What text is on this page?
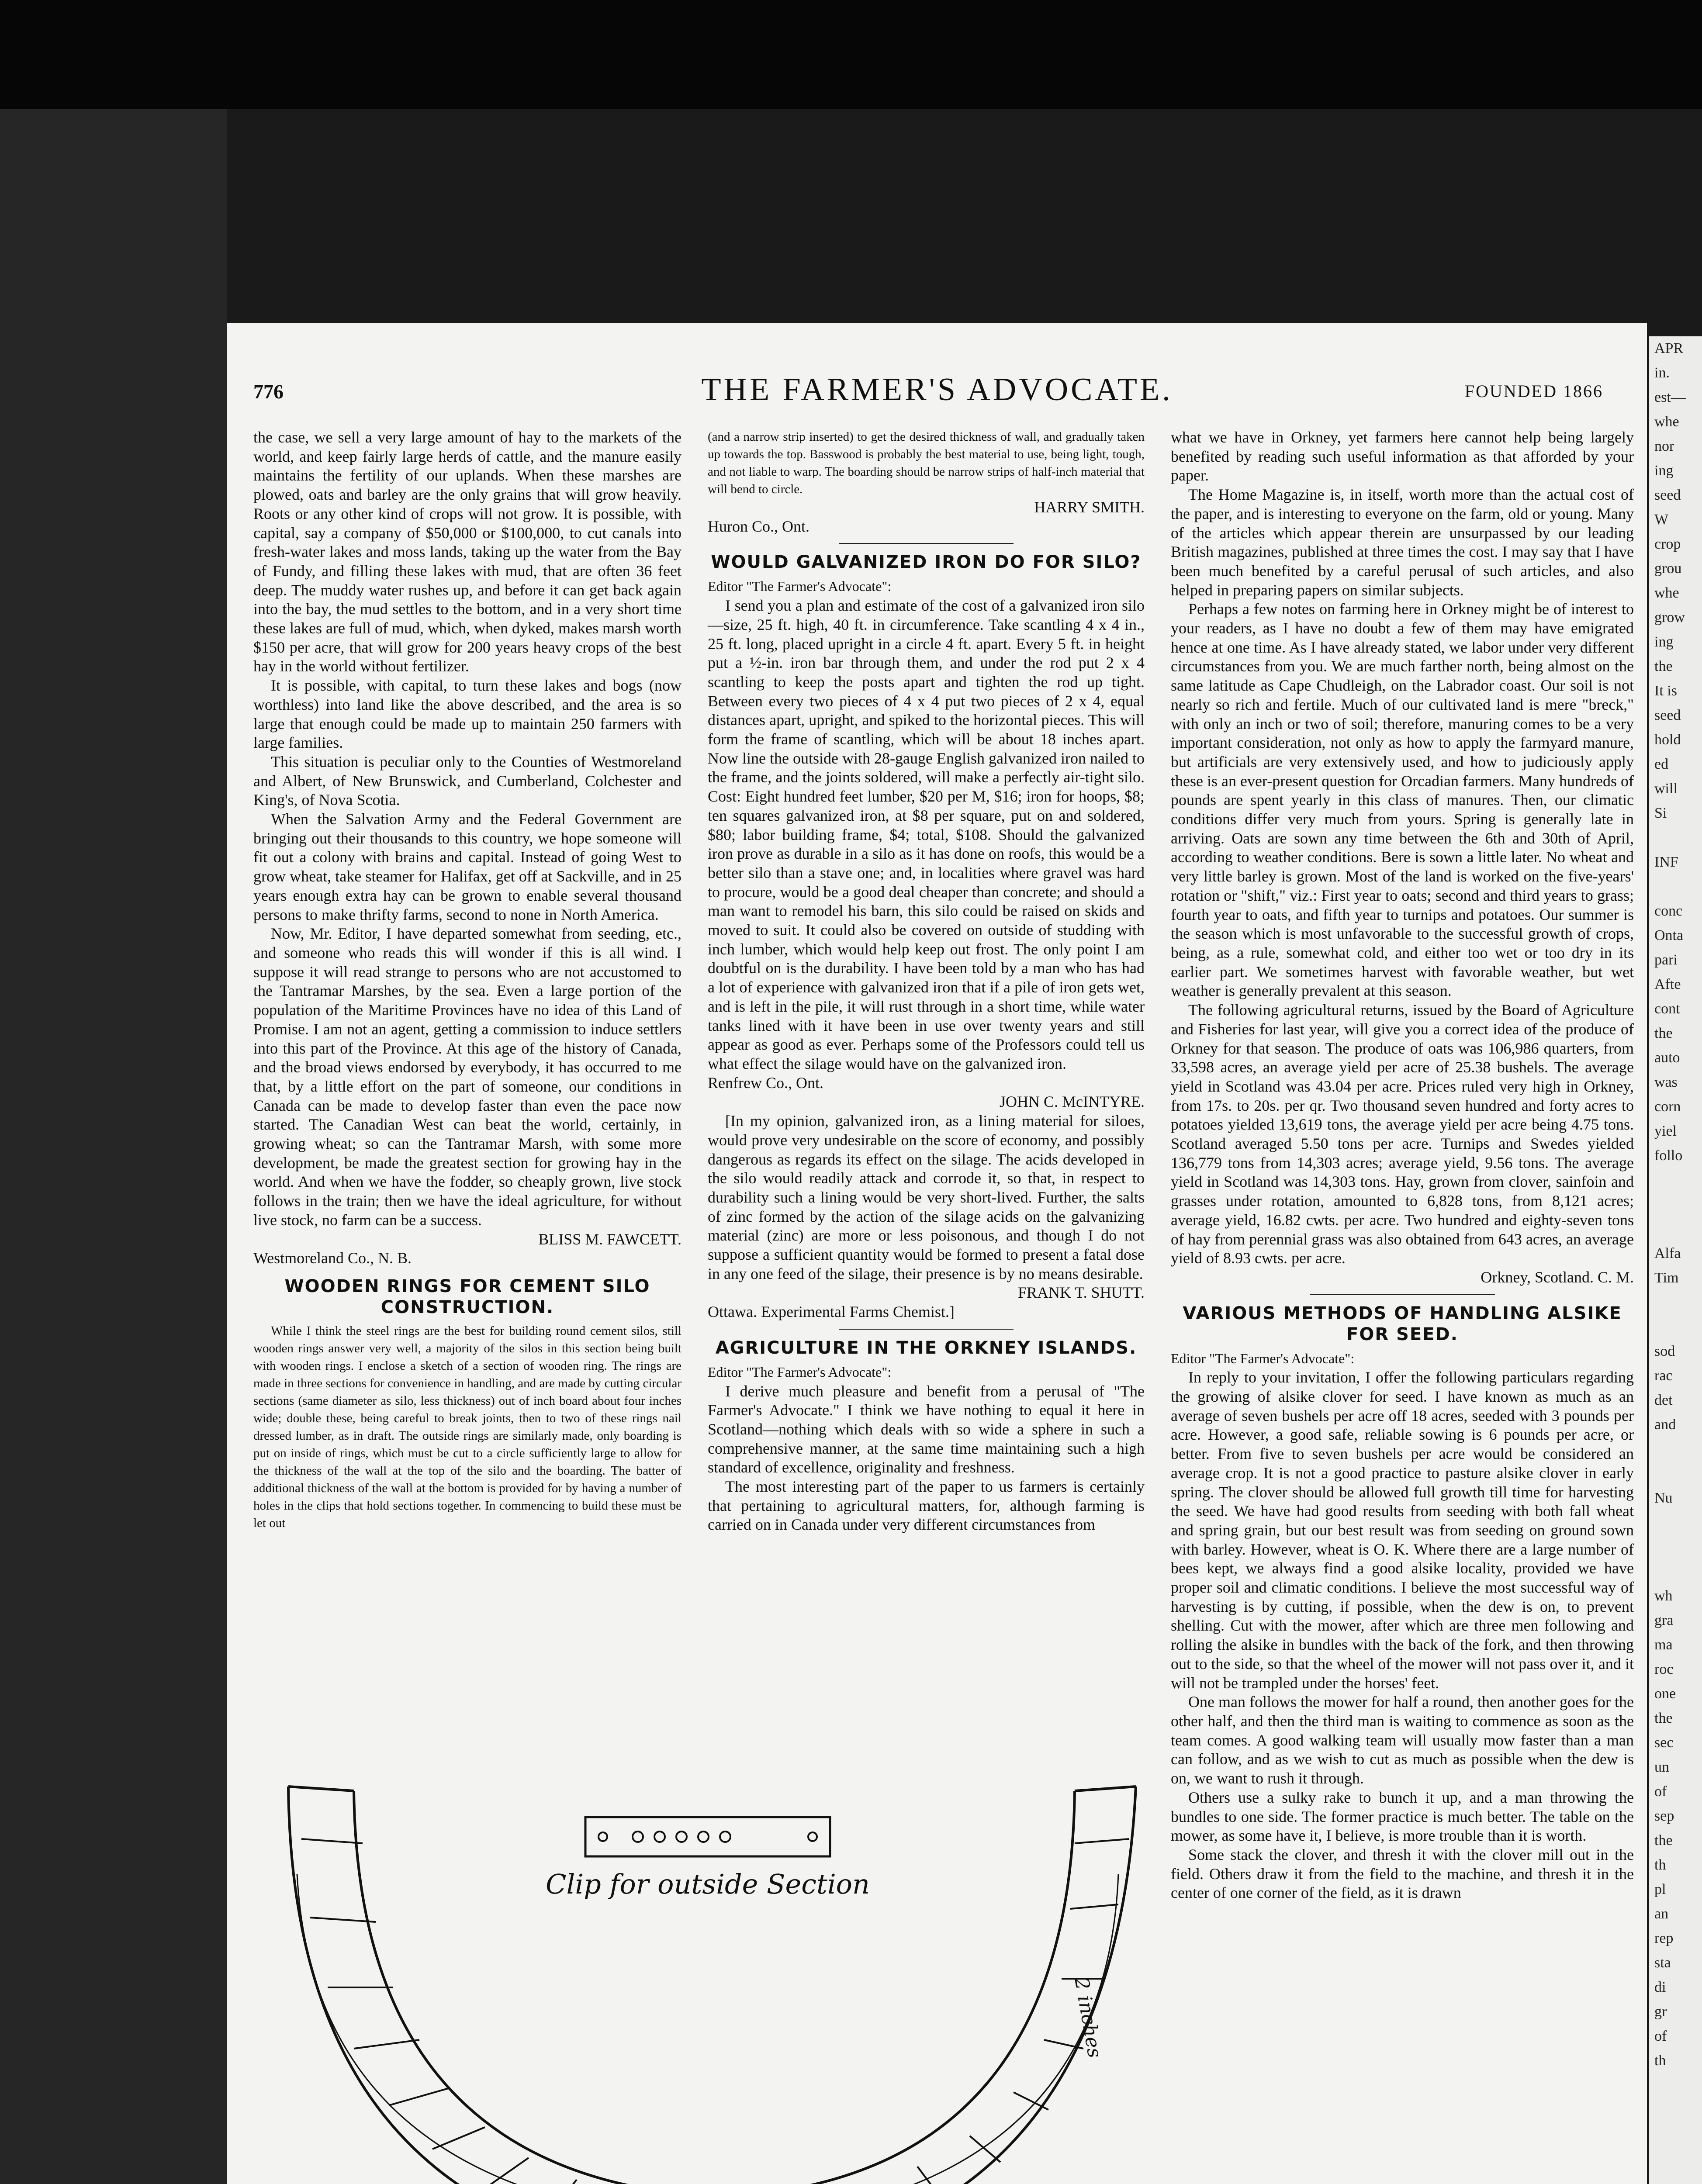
776	THE FARMER'S ADVOCATE.	FOUNDED 1866

the case, we sell a very large amount of hay to the markets of the world, and keep fairly large herds of cattle, and the manure easily maintains the fertility of our uplands. When these marshes are plowed, oats and barley are the only grains that will grow heavily. Roots or any other kind of crops will not grow. It is possible, with capital, say a company of $50,000 or $100,000, to cut canals into fresh-water lakes and moss lands, taking up the water from the Bay of Fundy, and filling these lakes with mud, that are often 36 feet deep. The muddy water rushes up, and before it can get back again into the bay, the mud settles to the bottom, and in a very short time these lakes are full of mud, which, when dyked, makes marsh worth $150 per acre, that will grow for 200 years heavy crops of the best hay in the world without fertilizer.

It is possible, with capital, to turn these lakes and bogs (now worthless) into land like the above described, and the area is so large that enough could be made up to maintain 250 farmers with large families.

This situation is peculiar only to the Counties of Westmoreland and Albert, of New Brunswick, and Cumberland, Colchester and King's, of Nova Scotia.

When the Salvation Army and the Federal Government are bringing out their thousands to this country, we hope someone will fit out a colony with brains and capital. Instead of going West to grow wheat, take steamer for Halifax, get off at Sackville, and in 25 years enough extra hay can be grown to enable several thousand persons to make thrifty farms, second to none in North America.

Now, Mr. Editor, I have departed somewhat from seeding, etc., and someone who reads this will wonder if this is all wind. I suppose it will read strange to persons who are not accustomed to the Tantramar Marshes, by the sea. Even a large portion of the population of the Maritime Provinces have no idea of this Land of Promise. I am not an agent, getting a commission to induce settlers into this part of the Province. At this age of the history of Canada, and the broad views endorsed by everybody, it has occurred to me that, by a little effort on the part of someone, our conditions in Canada can be made to develop faster than even the pace now started. The Canadian West can beat the world, certainly, in growing wheat; so can the Tantramar Marsh, with some more development, be made the greatest section for growing hay in the world. And when we have the fodder, so cheaply grown, live stock follows in the train; then we have the ideal agriculture, for without live stock, no farm can be a success.

BLISS M. FAWCETT.

Westmoreland Co., N. B.

WOODEN RINGS FOR CEMENT SILO CONSTRUCTION.

While I think the steel rings are the best for building round cement silos, still wooden rings answer very well, a majority of the silos in this section being built with wooden rings. I enclose a sketch of a section of wooden ring. The rings are made in three sections for convenience in handling, and are made by cutting circular sections (same diameter as silo, less thickness) out of inch board about four inches wide; double these, being careful to break joints, then to two of these rings nail dressed lumber, as in draft. The outside rings are similarly made, only boarding is put on inside of rings, which must be cut to a circle sufficiently large to allow for the thickness of the wall at the top of the silo and the boarding. The batter of additional thickness of the wall at the bottom is provided for by having a number of holes in the clips that hold sections together. In commencing to build these must be let out

(and a narrow strip inserted) to get the desired thickness of wall, and gradually taken up towards the top. Basswood is probably the best material to use, being light, tough, and not liable to warp. The boarding should be narrow strips of half-inch material that will bend to circle.

HARRY SMITH.

Huron Co., Ont.

WOULD GALVANIZED IRON DO FOR SILO?

Editor "The Farmer's Advocate":

I send you a plan and estimate of the cost of a galvanized iron silo—size, 25 ft. high, 40 ft. in circumference. Take scantling 4 x 4 in., 25 ft. long, placed upright in a circle 4 ft. apart. Every 5 ft. in height put a ½-in. iron bar through them, and under the rod put 2 x 4 scantling to keep the posts apart and tighten the rod up tight. Between every two pieces of 4 x 4 put two pieces of 2 x 4, equal distances apart, upright, and spiked to the horizontal pieces. This will form the frame of scantling, which will be about 18 inches apart. Now line the outside with 28-gauge English galvanized iron nailed to the frame, and the joints soldered, will make a perfectly air-tight silo. Cost: Eight hundred feet lumber, $20 per M, $16; iron for hoops, $8; ten squares galvanized iron, at $8 per square, put on and soldered, $80; labor building frame, $4; total, $108. Should the galvanized iron prove as durable in a silo as it has done on roofs, this would be a better silo than a stave one; and, in localities where gravel was hard to procure, would be a good deal cheaper than concrete; and should a man want to remodel his barn, this silo could be raised on skids and moved to suit. It could also be covered on outside of studding with inch lumber, which would help keep out frost. The only point I am doubtful on is the durability. I have been told by a man who has had a lot of experience with galvanized iron that if a pile of iron gets wet, and is left in the pile, it will rust through in a short time, while water tanks lined with it have been in use over twenty years and still appear as good as ever. Perhaps some of the Professors could tell us what effect the silage would have on the galvanized iron.

Renfrew Co., Ont.

JOHN C. McINTYRE.

[In my opinion, galvanized iron, as a lining material for siloes, would prove very undesirable on the score of economy, and possibly dangerous as regards its effect on the silage. The acids developed in the silo would readily attack and corrode it, so that, in respect to durability such a lining would be very short-lived. Further, the salts of zinc formed by the action of the silage acids on the galvanizing material (zinc) are more or less poisonous, and though I do not suppose a sufficient quantity would be formed to present a fatal dose in any one feed of the silage, their presence is by no means desirable.

FRANK T. SHUTT.

Ottawa. Experimental Farms Chemist.]

AGRICULTURE IN THE ORKNEY ISLANDS.

Editor "The Farmer's Advocate":

I derive much pleasure and benefit from a perusal of "The Farmer's Advocate." I think we have nothing to equal it here in Scotland—nothing which deals with so wide a sphere in such a comprehensive manner, at the same time maintaining such a high standard of excellence, originality and freshness.

The most interesting part of the paper to us farmers is certainly that pertaining to agricultural matters, for, although farming is carried on in Canada under very different circumstances from

what we have in Orkney, yet farmers here cannot help being largely benefited by reading such useful information as that afforded by your paper.

The Home Magazine is, in itself, worth more than the actual cost of the paper, and is interesting to everyone on the farm, old or young. Many of the articles which appear therein are unsurpassed by our leading British magazines, published at three times the cost. I may say that I have been much benefited by a careful perusal of such articles, and also helped in preparing papers on similar subjects.

Perhaps a few notes on farming here in Orkney might be of interest to your readers, as I have no doubt a few of them may have emigrated hence at one time. As I have already stated, we labor under very different circumstances from you. We are much farther north, being almost on the same latitude as Cape Chudleigh, on the Labrador coast. Our soil is not nearly so rich and fertile. Much of our cultivated land is mere "breck," with only an inch or two of soil; therefore, manuring comes to be a very important consideration, not only as how to apply the farmyard manure, but artificials are very extensively used, and how to judiciously apply these is an ever-present question for Orcadian farmers. Many hundreds of pounds are spent yearly in this class of manures. Then, our climatic conditions differ very much from yours. Spring is generally late in arriving. Oats are sown any time between the 6th and 30th of April, according to weather conditions. Bere is sown a little later. No wheat and very little barley is grown. Most of the land is worked on the five-years' rotation or "shift," viz.: First year to oats; second and third years to grass; fourth year to oats, and fifth year to turnips and potatoes. Our summer is the season which is most unfavorable to the successful growth of crops, being, as a rule, somewhat cold, and either too wet or too dry in its earlier part. We sometimes harvest with favorable weather, but wet weather is generally prevalent at this season.

The following agricultural returns, issued by the Board of Agriculture and Fisheries for last year, will give you a correct idea of the produce of Orkney for that season. The produce of oats was 106,986 quarters, from 33,598 acres, an average yield per acre of 25.38 bushels. The average yield in Scotland was 43.04 per acre. Prices ruled very high in Orkney, from 17s. to 20s. per qr. Two thousand seven hundred and forty acres to potatoes yielded 13,619 tons, the average yield per acre being 4.75 tons. Scotland averaged 5.50 tons per acre. Turnips and Swedes yielded 136,779 tons from 14,303 acres; average yield, 9.56 tons. The average yield in Scotland was 14,303 tons. Hay, grown from clover, sainfoin and grasses under rotation, amounted to 6,828 tons, from 8,121 acres; average yield, 16.82 cwts. per acre. Two hundred and eighty-seven tons of hay from perennial grass was also obtained from 643 acres, an average yield of 8.93 cwts. per acre.

Orkney, Scotland. C. M.

VARIOUS METHODS OF HANDLING ALSIKE FOR SEED.

Editor "The Farmer's Advocate":

In reply to your invitation, I offer the following particulars regarding the growing of alsike clover for seed. I have known as much as an average of seven bushels per acre off 18 acres, seeded with 3 pounds per acre. However, a good safe, reliable sowing is 6 pounds per acre, or better. From five to seven bushels per acre would be considered an average crop. It is not a good practice to pasture alsike clover in early spring. The clover should be allowed full growth till time for harvesting the seed. We have had good results from seeding with both fall wheat and spring grain, but our best result was from seeding on ground sown with barley. However, wheat is O. K. Where there are a large number of bees kept, we always find a good alsike locality, provided we have proper soil and climatic conditions. I believe the most successful way of harvesting is by cutting, if possible, when the dew is on, to prevent shelling. Cut with the mower, after which are three men following and rolling the alsike in bundles with the back of the fork, and then throwing out to the side, so that the wheel of the mower will not pass over it, and it will not be trampled under the horses' feet.

One man follows the mower for half a round, then another goes for the other half, and then the third man is waiting to commence as soon as the team comes. A good walking team will usually mow faster than a man can follow, and as we wish to cut as much as possible when the dew is on, we want to rush it through.

Others use a sulky rake to bunch it up, and a man throwing the bundles to one side. The former practice is much better. The table on the mower, as some have it, I believe, is more trouble than it is worth.

Some stack the clover, and thresh it with the clover mill out in the field. Others draw it from the field to the machine, and thresh it in the center of one corner of the field, as it is drawn

Clip for outside Section
2 inches
APR
in.
est—
whe
nor
ing
seed
W
crop
grou
whe
grow
ing
the
It is
seed
hold
ed
will
Si
INF
conc
Onta
pari
Afte
cont
the
auto
was
corn
yiel
follo
Alfa
Tim
sod
rac
det
and
Nu
wh
gra
ma
roc
one
the
sec
un
of
sep
the
th
pl
an
rep
sta
di
gr
of
th
